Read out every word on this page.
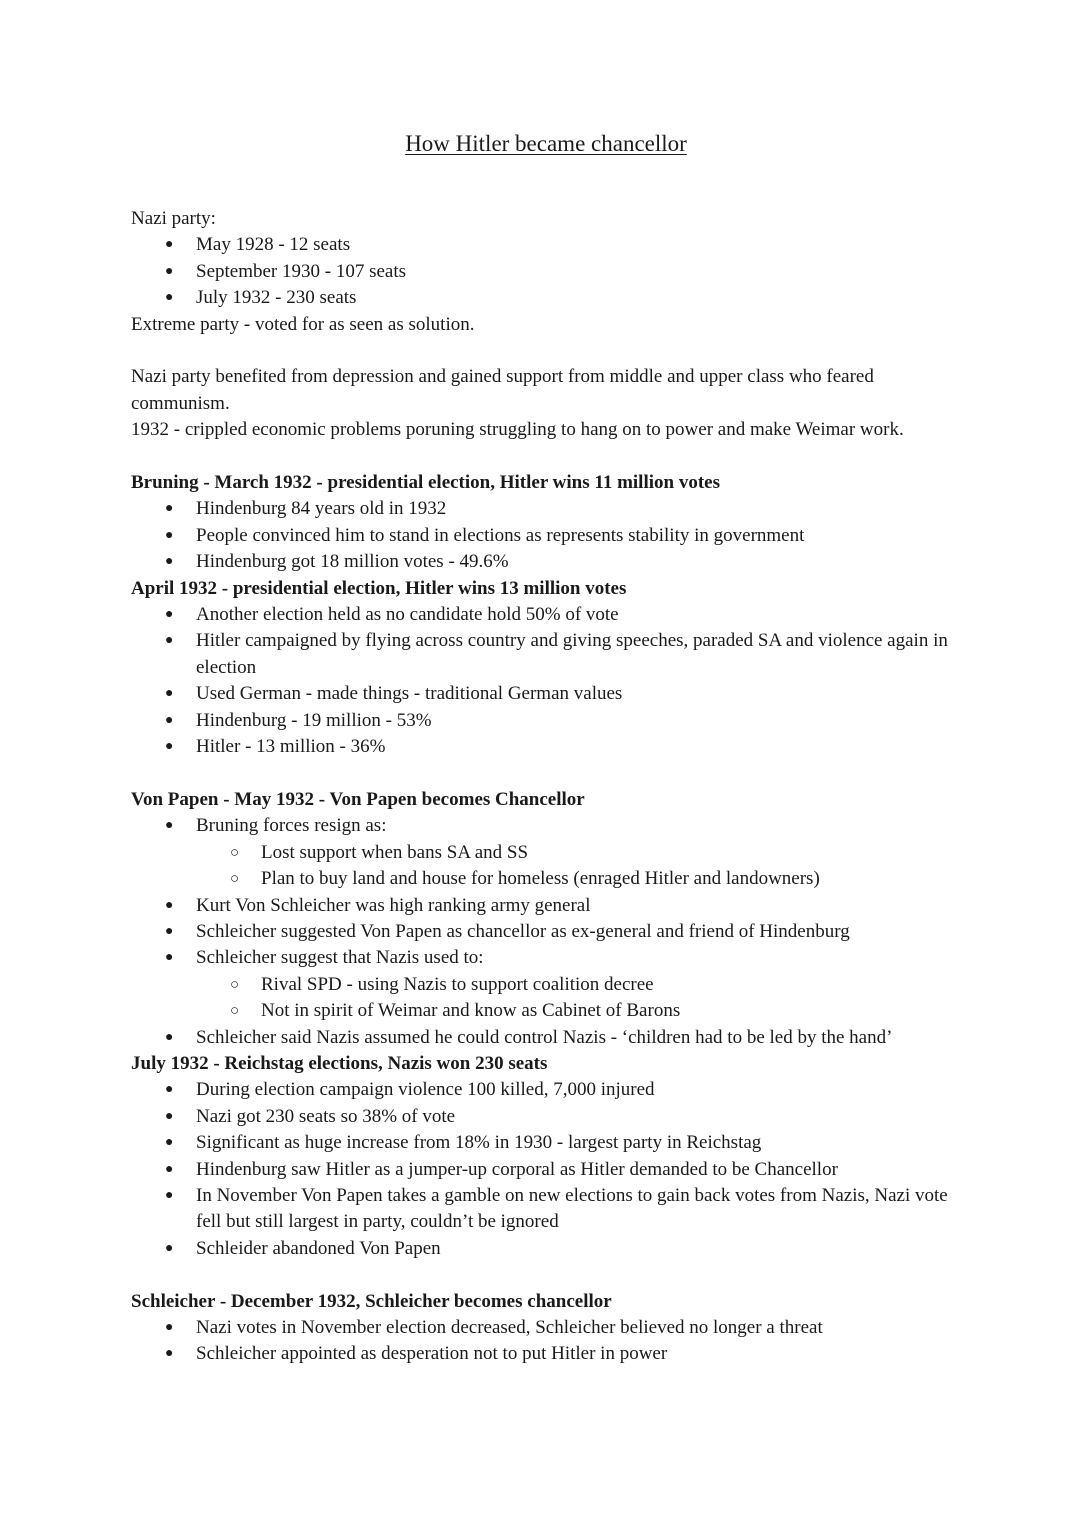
How Hitler became chancellor

Nazi party:

● May 1928 - 12 seats
● September 1930 - 107 seats
● July 1932 - 230 seats

Extreme party - voted for as seen as solution.

Nazi party benefited from depression and gained support from middle and upper class who feared communism.

1932 - crippled economic problems poruning struggling to hang on to power and make Weimar work.

Bruning - March 1932 - presidential election, Hitler wins 11 million votes

● Hindenburg 84 years old in 1932
● People convinced him to stand in elections as represents stability in government
● Hindenburg got 18 million votes - 49.6%

April 1932 - presidential election, Hitler wins 13 million votes

● Another election held as no candidate hold 50% of vote
● Hitler campaigned by flying across country and giving speeches, paraded SA and violence again in election
● Used German - made things - traditional German values
● Hindenburg - 19 million - 53%
● Hitler - 13 million - 36%

Von Papen - May 1932 - Von Papen becomes Chancellor

● Bruning forces resign as:
○ Lost support when bans SA and SS
○ Plan to buy land and house for homeless (enraged Hitler and landowners)
● Kurt Von Schleicher was high ranking army general
● Schleicher suggested Von Papen as chancellor as ex-general and friend of Hindenburg
● Schleicher suggest that Nazis used to:
○ Rival SPD - using Nazis to support coalition decree
○ Not in spirit of Weimar and know as Cabinet of Barons
● Schleicher said Nazis assumed he could control Nazis - ‘children had to be led by the hand’

July 1932 - Reichstag elections, Nazis won 230 seats

● During election campaign violence 100 killed, 7,000 injured
● Nazi got 230 seats so 38% of vote
● Significant as huge increase from 18% in 1930 - largest party in Reichstag
● Hindenburg saw Hitler as a jumper-up corporal as Hitler demanded to be Chancellor
● In November Von Papen takes a gamble on new elections to gain back votes from Nazis, Nazi vote fell but still largest in party, couldn’t be ignored
● Schleider abandoned Von Papen

Schleicher - December 1932, Schleicher becomes chancellor

● Nazi votes in November election decreased, Schleicher believed no longer a threat
● Schleicher appointed as desperation not to put Hitler in power
